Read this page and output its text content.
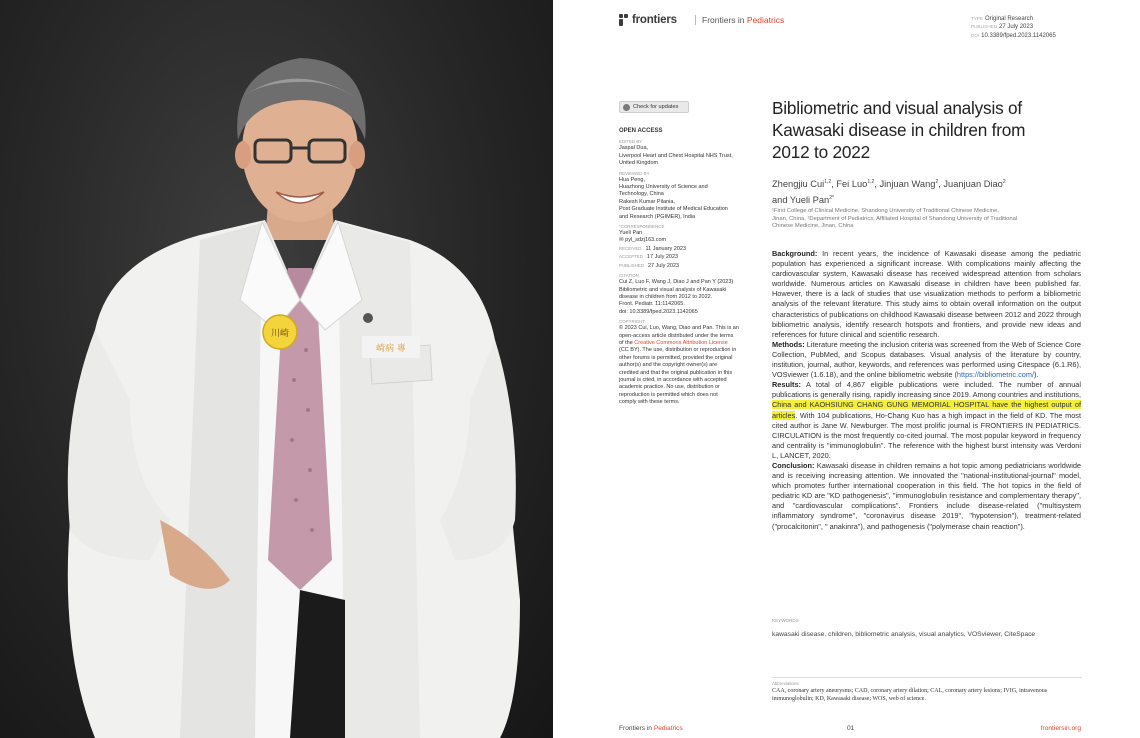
川崎
崎病 專
frontiers	Frontiers in Pediatrics	TYPE Original Research
PUBLISHED 27 July 2023
DOI 10.3389/fped.2023.1142065
Check for updates
OPEN ACCESS
EDITED BY
Jaspal Dua,
Liverpool Heart and Chest Hospital NHS Trust,
United Kingdom
REVIEWED BY
Hua Peng,
Huazhong University of Science and
Technology, China
Rakesh Kumar Pilania,
Post Graduate Institute of Medical Education
and Research (PGIMER), India
*CORRESPONDENCE
Yueli Pan
✉ pyl_sdzj163.com
RECEIVED 11 January 2023
ACCEPTED 17 July 2023
PUBLISHED 27 July 2023
CITATION
Cui Z, Luo F, Wang J, Diao J and Pan Y (2023)
Bibliometric and visual analysis of Kawasaki
disease in children from 2012 to 2022.
Front. Pediatr. 11:1142065.
doi: 10.3389/fped.2023.1142065
COPYRIGHT
© 2023 Cui, Luo, Wang, Diao and Pan. This is an
open-access article distributed under the terms
of the Creative Commons Attribution License
(CC BY). The use, distribution or reproduction in
other forums is permitted, provided the original
author(s) and the copyright owner(s) are
credited and that the original publication in this
journal is cited, in accordance with accepted
academic practice. No use, distribution or
reproduction is permitted which does not
comply with these terms.
Bibliometric and visual analysis of
Kawasaki disease in children from
2012 to 2022
Zhengjiu Cui$^{1,2}$, Fei Luo$^{1,2}$, Jinjuan Wang$^2$, Juanjuan Diao$^2$
and Yueli Pan$^{2*}$
¹First College of Clinical Medicine, Shandong University of Traditional Chinese Medicine,
Jinan, China, ²Department of Pediatrics, Affiliated Hospital of Shandong University of Traditional
Chinese Medicine, Jinan, China

Background: In recent years, the incidence of Kawasaki disease among the pediatric population has experienced a significant increase. With complications mainly affecting the cardiovascular system, Kawasaki disease has received widespread attention from scholars worldwide. Numerous articles on Kawasaki disease in children have been published far. However, there is a lack of studies that use visualization methods to perform a bibliometric analysis of the relevant literature. This study aims to obtain overall information on the output characteristics of publications on childhood Kawasaki disease between 2012 and 2022 through bibliometric analysis, identify research hotspots and frontiers, and provide new ideas and references for future clinical and scientific research.

Methods: Literature meeting the inclusion criteria was screened from the Web of Science Core Collection, PubMed, and Scopus databases. Visual analysis of the literature by country, institution, journal, author, keywords, and references was performed using Citespace (6.1.R6), VOSviewer (1.6.18), and the online bibliometric website (https://bibliometric.com/).

Results: A total of 4,867 eligible publications were included. The number of annual publications is generally rising, rapidly increasing since 2019. Among countries and institutions, China and KAOHSIUNG CHANG GUNG MEMORIAL HOSPITAL have the highest output of articles. With 104 publications, Ho-Chang Kuo has a high impact in the field of KD. The most cited author is Jane W. Newburger. The most prolific journal is FRONTIERS IN PEDIATRICS. CIRCULATION is the most frequently co-cited journal. The most popular keyword in frequency and centrality is "immunoglobulin". The reference with the highest burst intensity was Verdoni L, LANCET, 2020.

Conclusion: Kawasaki disease in children remains a hot topic among pediatricians worldwide and is receiving increasing attention. We innovated the "national-institutional-journal" model, which promotes further international cooperation in this field. The hot topics in the field of pediatric KD are "KD pathogenesis", "immunoglobulin resistance and complementary therapy", and "cardiovascular complications". Frontiers include disease-related ("multisystem inflammatory syndrome", "coronavirus disease 2019", "hypotension"), treatment-related ("procalcitonin", " anakinra"), and pathogenesis ("polymerase chain reaction").

KEYWORDS
kawasaki disease, children, bibliometric analysis, visual analytics, VOSviewer, CiteSpace
Abbreviations
CAA, coronary artery aneurysms; CAD, coronary artery dilation; CAL, coronary artery lesions; IVIG, intravenous immunoglobulin; KD, Kawasaki disease; WOS, web of science.
Frontiers in Pediatrics	01	frontiersin.org
